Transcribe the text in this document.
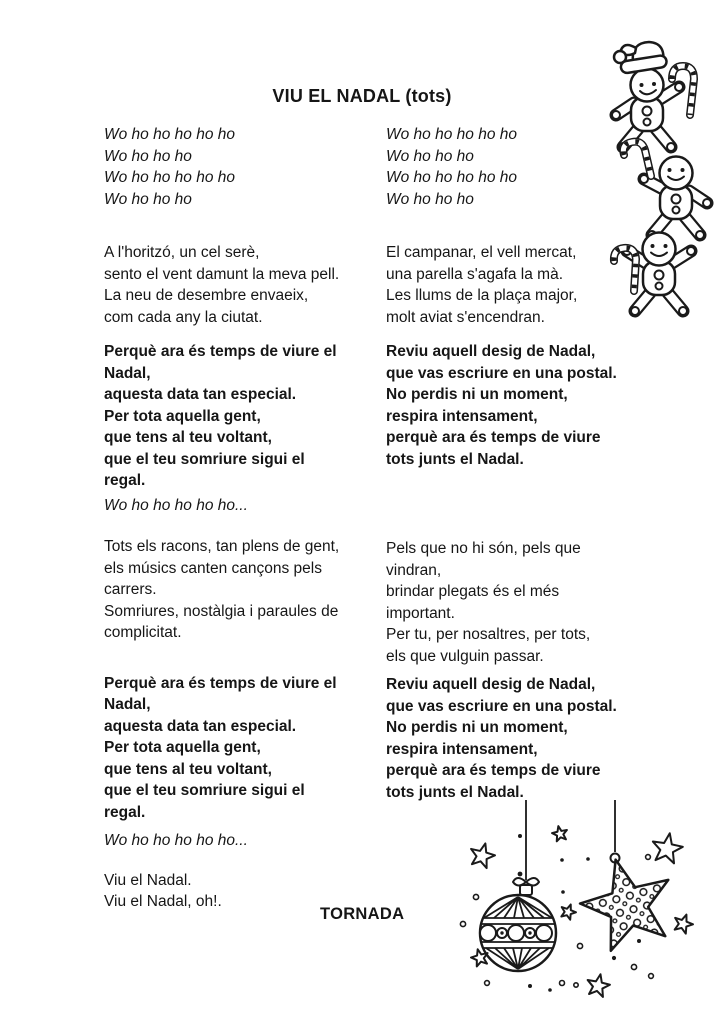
VIU EL NADAL (tots)
Wo ho ho ho ho ho
Wo ho ho ho
Wo ho ho ho ho ho
Wo ho ho ho
A l'horitzó, un cel serè,
sento el vent damunt la meva pell.
La neu de desembre envaeix,
com cada any la ciutat.
Perquè ara és temps de viure el
Nadal,
aquesta data tan especial.
Per tota aquella gent,
que tens al teu voltant,
que el teu somriure sigui el
regal.
Wo ho ho ho ho ho...
Tots els racons, tan plens de gent,
els músics canten cançons pels
carrers.
Somriures, nostàlgia i paraules de
complicitat.
Perquè ara és temps de viure el
Nadal,
aquesta data tan especial.
Per tota aquella gent,
que tens al teu voltant,
que el teu somriure sigui el
regal.
Wo ho ho ho ho ho...
Viu el Nadal.
Viu el Nadal, oh!.
Wo ho ho ho ho ho
Wo ho ho ho
Wo ho ho ho ho ho
Wo ho ho ho
El campanar, el vell mercat,
una parella s'agafa la mà.
Les llums de la plaça major,
molt aviat s'encendran.
Reviu aquell desig de Nadal,
que vas escriure en una postal.
No perdis ni un moment,
respira intensament,
perquè ara és temps de viure
tots junts el Nadal.
Pels que no hi són, pels que
vindran,
brindar plegats és el més
important.
Per tu, per nosaltres, per tots,
els que vulguin passar.
Reviu aquell desig de Nadal,
que vas escriure en una postal.
No perdis ni un moment,
respira intensament,
perquè ara és temps de viure
tots junts el Nadal.
TORNADA
